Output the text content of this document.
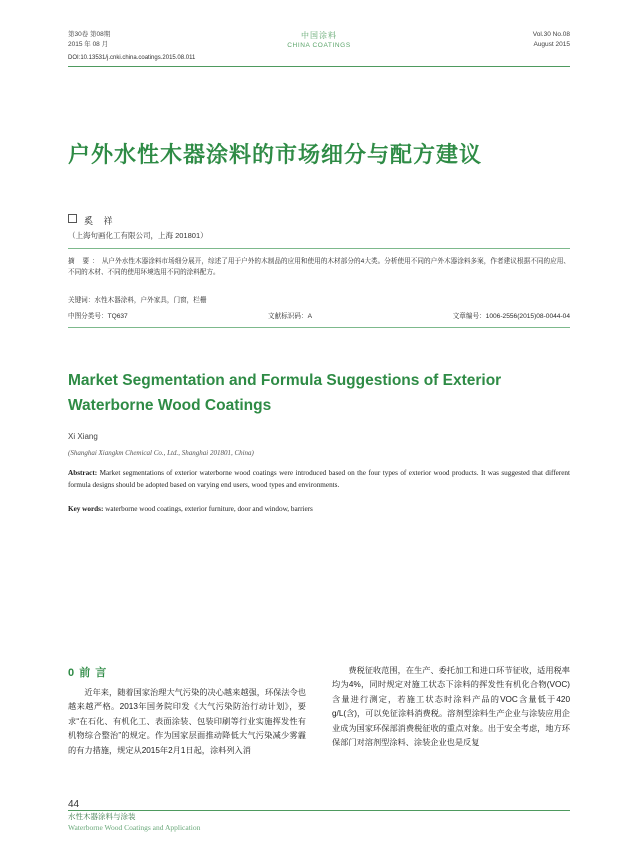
第30卷 第08期
2015 年 08 月
中国涂料
CHINA COATINGS
Vol.30 No.08
August 2015
DOI:10.13531/j.cnki.china.coatings.2015.08.011
户外水性木器涂料的市场细分与配方建议
奚 祥
（上海句画化工有限公司，上海 201801）
摘 要：从户外水性木器涂料市场细分展开，综述了用于户外的木制品的应用和使用的木材部分的4大类。分析使用不同的户外木器涂料多案，作者建议根据不同的应用、不同的木材、不同的使用环境选用不同的涂料配方。
关键词：水性木器涂料，户外家具，门窗，栏栅
中图分类号：TQ637	文献标识码：A	文章编号：1006-2556(2015)08-0044-04
Market Segmentation and Formula Suggestions of Exterior Waterborne Wood Coatings
Xi Xiang
(Shanghai Xiangkm Chemical Co., Ltd., Shanghai 201801, China)
Abstract: Market segmentations of exterior waterborne wood coatings were introduced based on the four types of exterior wood products. It was suggested that different formula designs should be adopted based on varying end users, wood types and environments.
Key words: waterborne wood coatings, exterior furniture, door and window, barriers
0 前 言

近年来，随着国家治理大气污染的决心越来越强，环保法令也越来越严格。2013年国务院印发《大气污染防治行动计划》，要求“在石化、有机化工、表面涂装、包装印刷等行业实施挥发性有机物综合整治”的规定。作为国家层面推动降低大气污染减少雾霾的有力措施，规定从2015年2月1日起，涂料列入消

费税征收范围，在生产、委托加工和进口环节征收，适用税率均为4%，同时规定对施工状态下涂料的挥发性有机化合物(VOC)含量进行测定，若施工状态时涂料产品的VOC含量低于420 g/L(含)，可以免征涂料消费税。溶剂型涂料生产企业与涂装应用企业成为国家环保部消费税征收的重点对象。出于安全考虑，地方环保部门对溶剂型涂料、涂装企业也是反复

44
水性木器涂料与涂装
Waterborne Wood Coatings and Application
